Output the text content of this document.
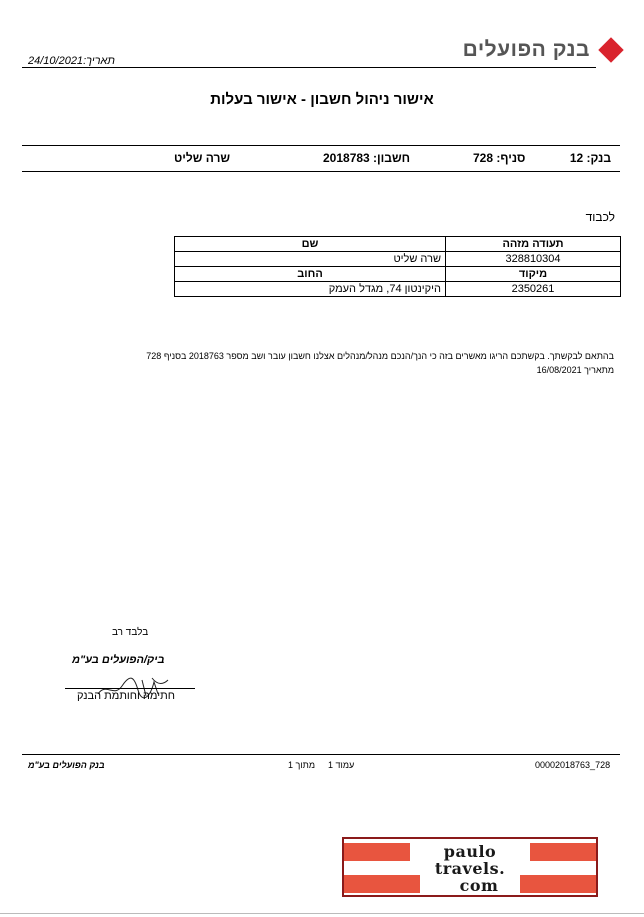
בנק הפועלים
תאריך:24/10/2021
אישור ניהול חשבון - אישור בעלות
בנק: 12
סניף: 728
חשבון: 2018783
שרה שליט
לכבוד
תעודה מזהה	שם
328810304	שרה שליט
מיקוד	החוב
2350261	היקינטון 74, מגדל העמק
בהתאם לבקשתך. בקשתכם הריגו מאשרים בזה כי הנך/הנכם מנהל/מנהלים אצלנו חשבון עובר ושב מספר 2018763 בסניף 728
מתאריך 16/08/2021
בלבד רב
ביק/הפועלים בע"מ
חתימה וחותמת הבנק
בנק הפועלים בע"מ	עמוד 1
מתוך 1	00002018763_728
paulo
travels.
com
